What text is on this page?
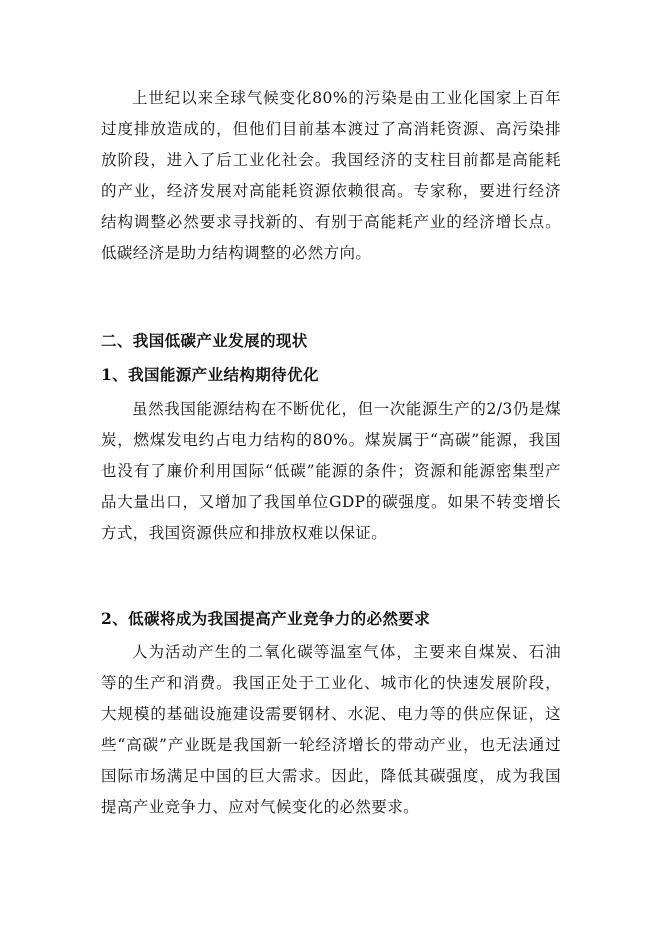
上世纪以来全球气候变化80%的污染是由工业化国家上百年过度排放造成的，但他们目前基本渡过了高消耗资源、高污染排放阶段，进入了后工业化社会。我国经济的支柱目前都是高能耗的产业，经济发展对高能耗资源依赖很高。专家称，要进行经济结构调整必然要求寻找新的、有别于高能耗产业的经济增长点。低碳经济是助力结构调整的必然方向。

二、我国低碳产业发展的现状

1、我国能源产业结构期待优化

虽然我国能源结构在不断优化，但一次能源生产的2/3仍是煤炭，燃煤发电约占电力结构的80%。煤炭属于“高碳”能源，我国也没有了廉价利用国际“低碳”能源的条件；资源和能源密集型产品大量出口，又增加了我国单位GDP的碳强度。如果不转变增长方式，我国资源供应和排放权难以保证。

2、低碳将成为我国提高产业竞争力的必然要求

人为活动产生的二氧化碳等温室气体，主要来自煤炭、石油等的生产和消费。我国正处于工业化、城市化的快速发展阶段，大规模的基础设施建设需要钢材、水泥、电力等的供应保证，这些“高碳”产业既是我国新一轮经济增长的带动产业，也无法通过国际市场满足中国的巨大需求。因此，降低其碳强度，成为我国提高产业竞争力、应对气候变化的必然要求。
